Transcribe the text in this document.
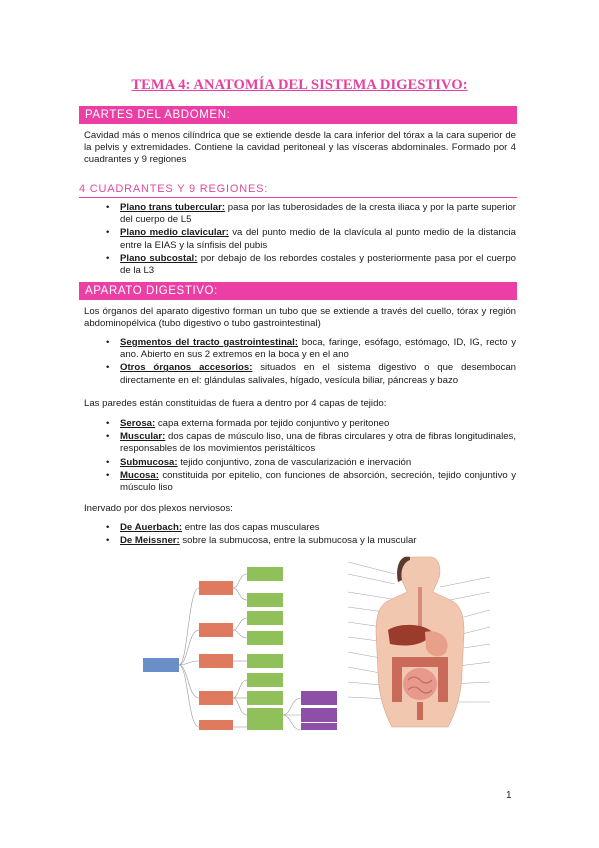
TEMA 4: ANATOMÍA DEL SISTEMA DIGESTIVO:
PARTES DEL ABDOMEN:
Cavidad más o menos cilíndrica que se extiende desde la cara inferior del tórax a la cara superior de la pelvis y extremidades. Contiene la cavidad peritoneal y las vísceras abdominales. Formado por 4 cuadrantes y 9 regiones
4 CUADRANTES Y 9 REGIONES:
• Plano trans tubercular: pasa por las tuberosidades de la cresta iliaca y por la parte superior del cuerpo de L5
• Plano medio clavicular: va del punto medio de la clavícula al punto medio de la distancia entre la EIAS y la sínfisis del pubis
• Plano subcostal: por debajo de los rebordes costales y posteriormente pasa por el cuerpo de la L3
APARATO DIGESTIVO:
Los órganos del aparato digestivo forman un tubo que se extiende a través del cuello, tórax y región abdominopélvica (tubo digestivo o tubo gastrointestinal)
• Segmentos del tracto gastrointestinal: boca, faringe, esófago, estómago, ID, IG, recto y ano. Abierto en sus 2 extremos en la boca y en el ano
• Otros órganos accesorios: situados en el sistema digestivo o que desembocan directamente en el: glándulas salivales, hígado, vesícula biliar, páncreas y bazo
Las paredes están constituidas de fuera a dentro por 4 capas de tejido:
• Serosa: capa externa formada por tejido conjuntivo y peritoneo
• Muscular: dos capas de músculo liso, una de fibras circulares y otra de fibras longitudinales, responsables de los movimientos peristálticos
• Submucosa: tejido conjuntivo, zona de vascularización e inervación
• Mucosa: constituida por epitelio, con funciones de absorción, secreción, tejido conjuntivo y músculo liso
Inervado por dos plexos nerviosos:
• De Auerbach: entre las dos capas musculares
• De Meissner: sobre la submucosa, entre la submucosa y la muscular
1
